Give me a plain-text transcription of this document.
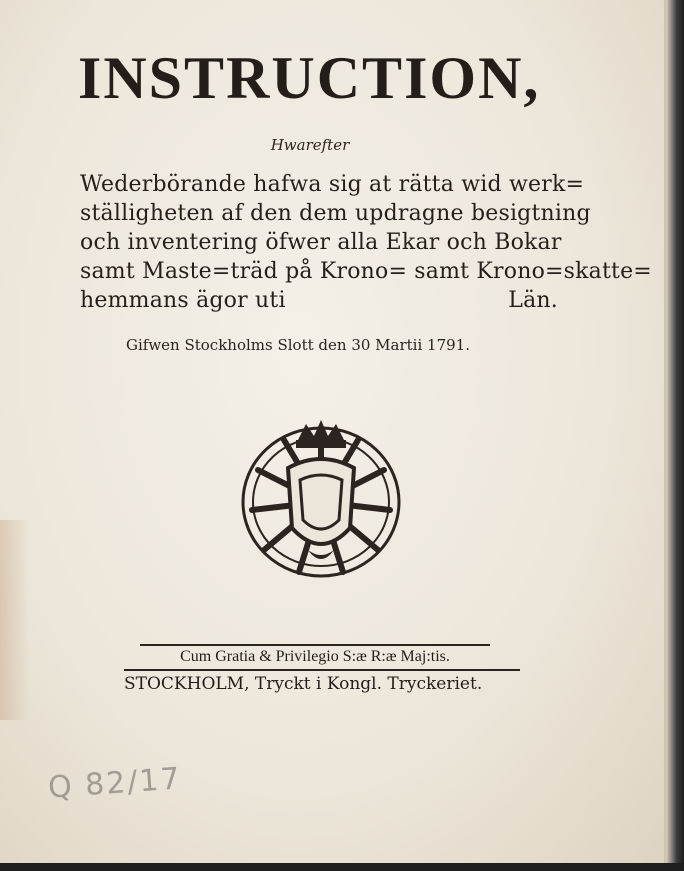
INSTRUCTION,
Hwarefter
Wederbörande hafwa sig at rätta wid werk=
ställigheten af den dem updragne besigtning
och inventering öfwer alla Ekar och Bokar
samt Maste=träd på Krono= samt Krono=skatte=
hemmans ägor uti	Län.
Gifwen Stockholms Slott den 30 Martii 1791.
Cum Gratia & Privilegio S:æ R:æ Maj:tis.
STOCKHOLM, Tryckt i Kongl. Tryckeriet.
Q 82/17
